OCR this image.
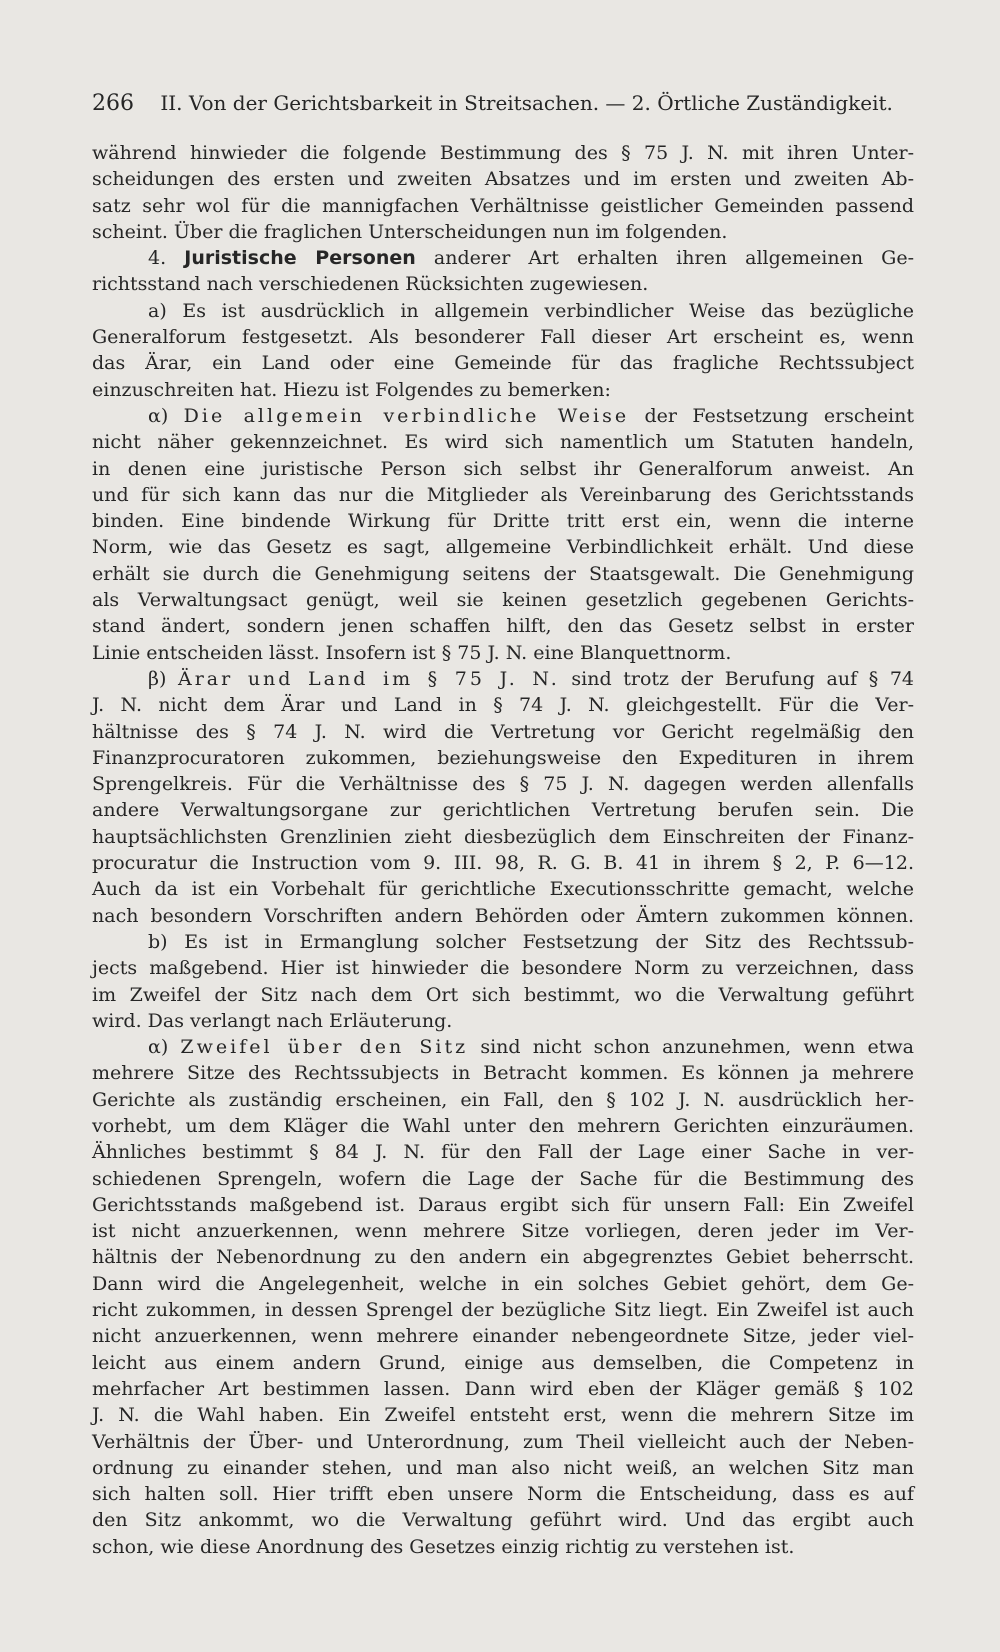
266 II. Von der Gerichtsbarkeit in Streitsachen. — 2. Örtliche Zuständigkeit.
während hinwieder die folgende Bestimmung des § 75 J. N. mit ihren Unter-
scheidungen des ersten und zweiten Absatzes und im ersten und zweiten Ab-
satz sehr wol für die mannigfachen Verhältnisse geistlicher Gemeinden passend
scheint. Über die fraglichen Unterscheidungen nun im folgenden.
4. Juristische Personen anderer Art erhalten ihren allgemeinen Ge-
richtsstand nach verschiedenen Rücksichten zugewiesen.
a) Es ist ausdrücklich in allgemein verbindlicher Weise das bezügliche
Generalforum festgesetzt. Als besonderer Fall dieser Art erscheint es, wenn
das Ärar, ein Land oder eine Gemeinde für das fragliche Rechtssubject
einzuschreiten hat. Hiezu ist Folgendes zu bemerken:
α) Die allgemein verbindliche Weise der Festsetzung erscheint
nicht näher gekennzeichnet. Es wird sich namentlich um Statuten handeln,
in denen eine juristische Person sich selbst ihr Generalforum anweist. An
und für sich kann das nur die Mitglieder als Vereinbarung des Gerichtsstands
binden. Eine bindende Wirkung für Dritte tritt erst ein, wenn die interne
Norm, wie das Gesetz es sagt, allgemeine Verbindlichkeit erhält. Und diese
erhält sie durch die Genehmigung seitens der Staatsgewalt. Die Genehmigung
als Verwaltungsact genügt, weil sie keinen gesetzlich gegebenen Gerichts-
stand ändert, sondern jenen schaffen hilft, den das Gesetz selbst in erster
Linie entscheiden lässt. Insofern ist § 75 J. N. eine Blanquettnorm.
β) Ärar und Land im § 75 J. N. sind trotz der Berufung auf § 74
J. N. nicht dem Ärar und Land in § 74 J. N. gleichgestellt. Für die Ver-
hältnisse des § 74 J. N. wird die Vertretung vor Gericht regelmäßig den
Finanzprocuratoren zukommen, beziehungsweise den Expedituren in ihrem
Sprengelkreis. Für die Verhältnisse des § 75 J. N. dagegen werden allenfalls
andere Verwaltungsorgane zur gerichtlichen Vertretung berufen sein. Die
hauptsächlichsten Grenzlinien zieht diesbezüglich dem Einschreiten der Finanz-
procuratur die Instruction vom 9. III. 98, R. G. B. 41 in ihrem § 2, P. 6—12.
Auch da ist ein Vorbehalt für gerichtliche Executionsschritte gemacht, welche
nach besondern Vorschriften andern Behörden oder Ämtern zukommen können.
b) Es ist in Ermanglung solcher Festsetzung der Sitz des Rechtssub-
jects maßgebend. Hier ist hinwieder die besondere Norm zu verzeichnen, dass
im Zweifel der Sitz nach dem Ort sich bestimmt, wo die Verwaltung geführt
wird. Das verlangt nach Erläuterung.
α) Zweifel über den Sitz sind nicht schon anzunehmen, wenn etwa
mehrere Sitze des Rechtssubjects in Betracht kommen. Es können ja mehrere
Gerichte als zuständig erscheinen, ein Fall, den § 102 J. N. ausdrücklich her-
vorhebt, um dem Kläger die Wahl unter den mehrern Gerichten einzuräumen.
Ähnliches bestimmt § 84 J. N. für den Fall der Lage einer Sache in ver-
schiedenen Sprengeln, wofern die Lage der Sache für die Bestimmung des
Gerichtsstands maßgebend ist. Daraus ergibt sich für unsern Fall: Ein Zweifel
ist nicht anzuerkennen, wenn mehrere Sitze vorliegen, deren jeder im Ver-
hältnis der Nebenordnung zu den andern ein abgegrenztes Gebiet beherrscht.
Dann wird die Angelegenheit, welche in ein solches Gebiet gehört, dem Ge-
richt zukommen, in dessen Sprengel der bezügliche Sitz liegt. Ein Zweifel ist auch
nicht anzuerkennen, wenn mehrere einander nebengeordnete Sitze, jeder viel-
leicht aus einem andern Grund, einige aus demselben, die Competenz in
mehrfacher Art bestimmen lassen. Dann wird eben der Kläger gemäß § 102
J. N. die Wahl haben. Ein Zweifel entsteht erst, wenn die mehrern Sitze im
Verhältnis der Über- und Unterordnung, zum Theil vielleicht auch der Neben-
ordnung zu einander stehen, und man also nicht weiß, an welchen Sitz man
sich halten soll. Hier trifft eben unsere Norm die Entscheidung, dass es auf
den Sitz ankommt, wo die Verwaltung geführt wird. Und das ergibt auch
schon, wie diese Anordnung des Gesetzes einzig richtig zu verstehen ist.
